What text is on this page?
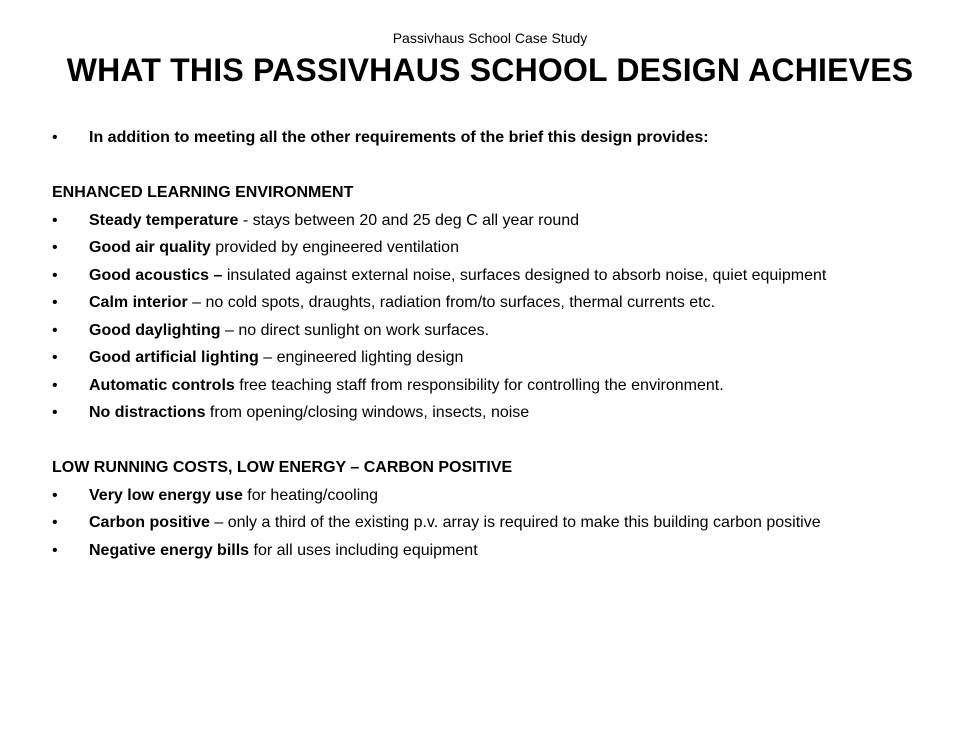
Passivhaus School Case Study
WHAT THIS PASSIVHAUS SCHOOL DESIGN ACHIEVES
• In addition to meeting all the other requirements of the brief this design provides:
ENHANCED LEARNING ENVIRONMENT
• Steady temperature - stays between 20 and 25 deg C all year round
• Good air quality provided by engineered ventilation
• Good acoustics – insulated against external noise, surfaces designed to absorb noise, quiet equipment
• Calm interior – no cold spots, draughts, radiation from/to surfaces, thermal currents etc.
• Good daylighting – no direct sunlight on work surfaces.
• Good artificial lighting – engineered lighting design
• Automatic controls free teaching staff from responsibility for controlling the environment.
• No distractions from opening/closing windows, insects, noise
LOW RUNNING COSTS, LOW ENERGY – CARBON POSITIVE
• Very low energy use for heating/cooling
• Carbon positive – only a third of the existing p.v. array is required to make this building carbon positive
• Negative energy bills for all uses including equipment
